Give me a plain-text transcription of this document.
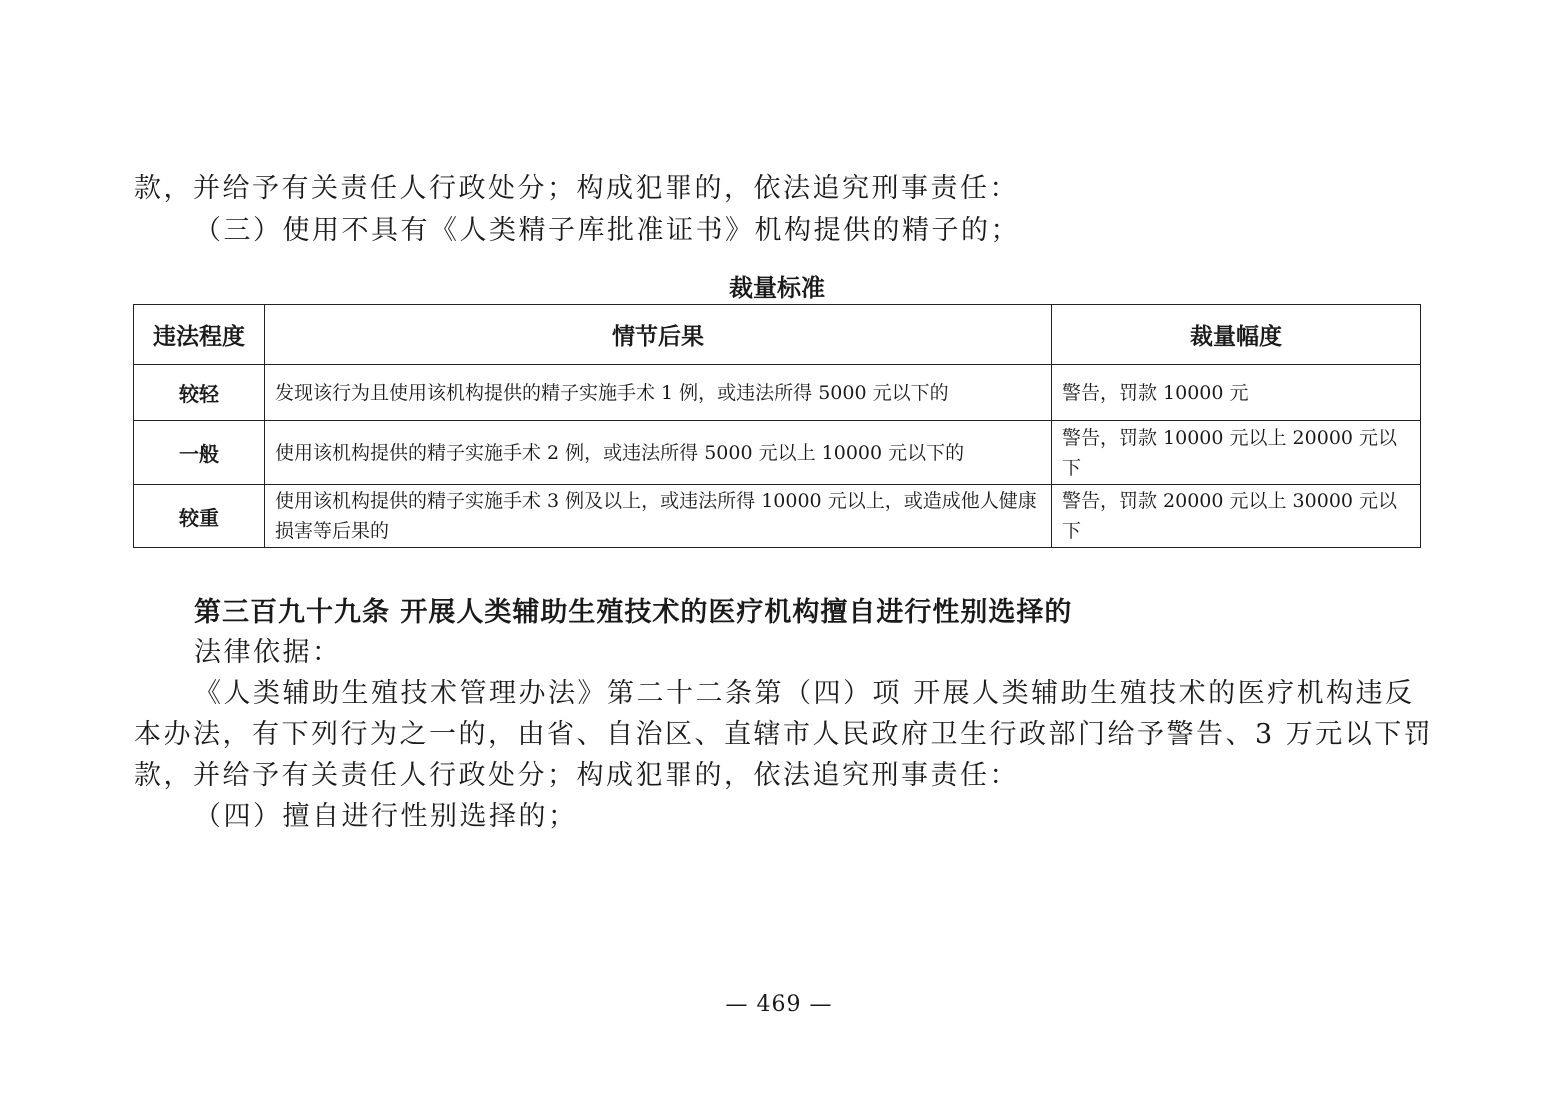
款，并给予有关责任人行政处分；构成犯罪的，依法追究刑事责任：
（三）使用不具有《人类精子库批准证书》机构提供的精子的；
裁量标准
违法程度	情节后果	裁量幅度
较轻	发现该行为且使用该机构提供的精子实施手术 1 例，或违法所得 5000 元以下的	警告，罚款 10000 元
一般	使用该机构提供的精子实施手术 2 例，或违法所得 5000 元以上 10000 元以下的	警告，罚款 10000 元以上 20000 元以下
较重	使用该机构提供的精子实施手术 3 例及以上，或违法所得 10000 元以上，或造成他人健康损害等后果的	警告，罚款 20000 元以上 30000 元以下
第三百九十九条 开展人类辅助生殖技术的医疗机构擅自进行性别选择的
法律依据：
《人类辅助生殖技术管理办法》第二十二条第（四）项 开展人类辅助生殖技术的医疗机构违反
本办法，有下列行为之一的，由省、自治区、直辖市人民政府卫生行政部门给予警告、3 万元以下罚
款，并给予有关责任人行政处分；构成犯罪的，依法追究刑事责任：
（四）擅自进行性别选择的；
— 469 —
